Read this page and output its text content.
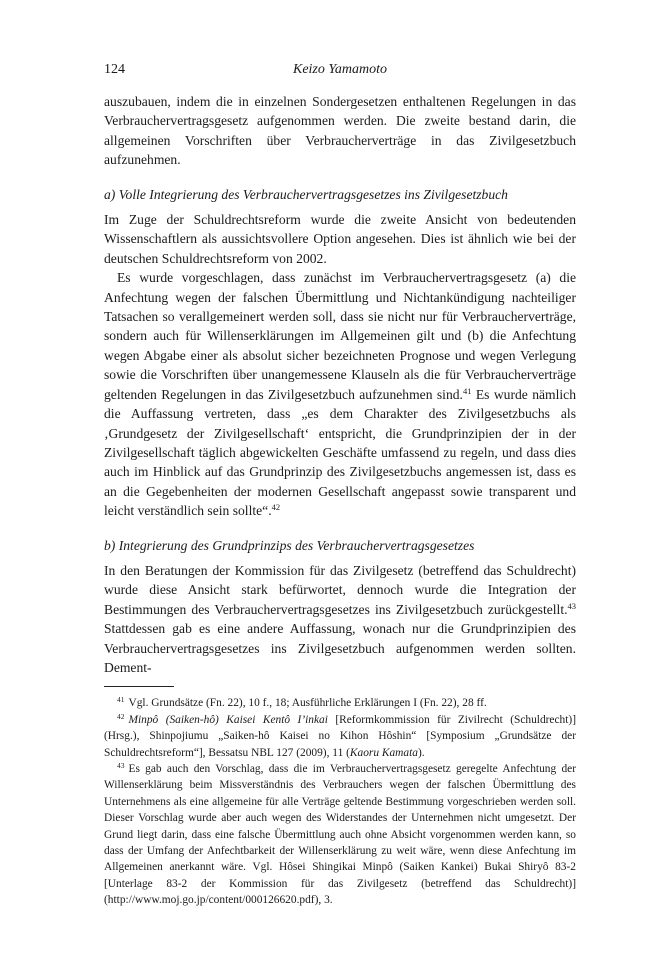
124	Keizo Yamamoto

auszubauen, indem die in einzelnen Sondergesetzen enthaltenen Regelungen in das Verbrauchervertragsgesetz aufgenommen werden. Die zweite bestand darin, die allgemeinen Vorschriften über Verbraucherverträge in das Zivilgesetzbuch aufzunehmen.

a) Volle Integrierung des Verbrauchervertragsgesetzes ins Zivilgesetzbuch

Im Zuge der Schuldrechtsreform wurde die zweite Ansicht von bedeutenden Wissenschaftlern als aussichtsvollere Option angesehen. Dies ist ähnlich wie bei der deutschen Schuldrechtsreform von 2002.

Es wurde vorgeschlagen, dass zunächst im Verbrauchervertragsgesetz (a) die Anfechtung wegen der falschen Übermittlung und Nichtankündigung nachteiliger Tatsachen so verallgemeinert werden soll, dass sie nicht nur für Verbraucherverträge, sondern auch für Willenserklärungen im Allgemeinen gilt und (b) die Anfechtung wegen Abgabe einer als absolut sicher bezeichneten Prognose und wegen Verlegung sowie die Vorschriften über unangemessene Klauseln als die für Verbraucherverträge geltenden Regelungen in das Zivilgesetzbuch aufzunehmen sind.$^{41}$ Es wurde nämlich die Auffassung vertreten, dass „es dem Charakter des Zivilgesetzbuchs als ‚Grundgesetz der Zivilgesellschaft‘ entspricht, die Grundprinzipien der in der Zivilgesellschaft täglich abgewickelten Geschäfte umfassend zu regeln, und dass dies auch im Hinblick auf das Grundprinzip des Zivilgesetzbuchs angemessen ist, dass es an die Gegebenheiten der modernen Gesellschaft angepasst sowie transparent und leicht verständlich sein sollte“.$^{42}$

b) Integrierung des Grundprinzips des Verbrauchervertragsgesetzes

In den Beratungen der Kommission für das Zivilgesetz (betreffend das Schuldrecht) wurde diese Ansicht stark befürwortet, dennoch wurde die Integration der Bestimmungen des Verbrauchervertragsgesetzes ins Zivilgesetzbuch zurückgestellt.$^{43}$ Stattdessen gab es eine andere Auffassung, wonach nur die Grundprinzipien des Verbrauchervertragsgesetzes ins Zivilgesetzbuch aufgenommen werden sollten. Dement-

$^{41}$ Vgl. Grundsätze (Fn. 22), 10 f., 18; Ausführliche Erklärungen I (Fn. 22), 28 ff.

$^{42}$ Minpô (Saiken-hô) Kaisei Kentô I’inkai [Reformkommission für Zivilrecht (Schuldrecht)] (Hrsg.), Shinpojiumu „Saiken-hô Kaisei no Kihon Hôshin“ [Symposium „Grundsätze der Schuldrechtsreform“], Bessatsu NBL 127 (2009), 11 (Kaoru Kamata).

$^{43}$ Es gab auch den Vorschlag, dass die im Verbrauchervertragsgesetz geregelte Anfechtung der Willenserklärung beim Missverständnis des Verbrauchers wegen der falschen Übermittlung des Unternehmens als eine allgemeine für alle Verträge geltende Bestimmung vorgeschrieben werden soll. Dieser Vorschlag wurde aber auch wegen des Widerstandes der Unternehmen nicht umgesetzt. Der Grund liegt darin, dass eine falsche Übermittlung auch ohne Absicht vorgenommen werden kann, so dass der Umfang der Anfechtbarkeit der Willenserklärung zu weit wäre, wenn diese Anfechtung im Allgemeinen anerkannt wäre. Vgl. Hôsei Shingikai Minpô (Saiken Kankei) Bukai Shiryô 83-2 [Unterlage 83-2 der Kommission für das Zivilgesetz (betreffend das Schuldrecht)] (http://www.moj.go.jp/content/000126620.pdf), 3.
